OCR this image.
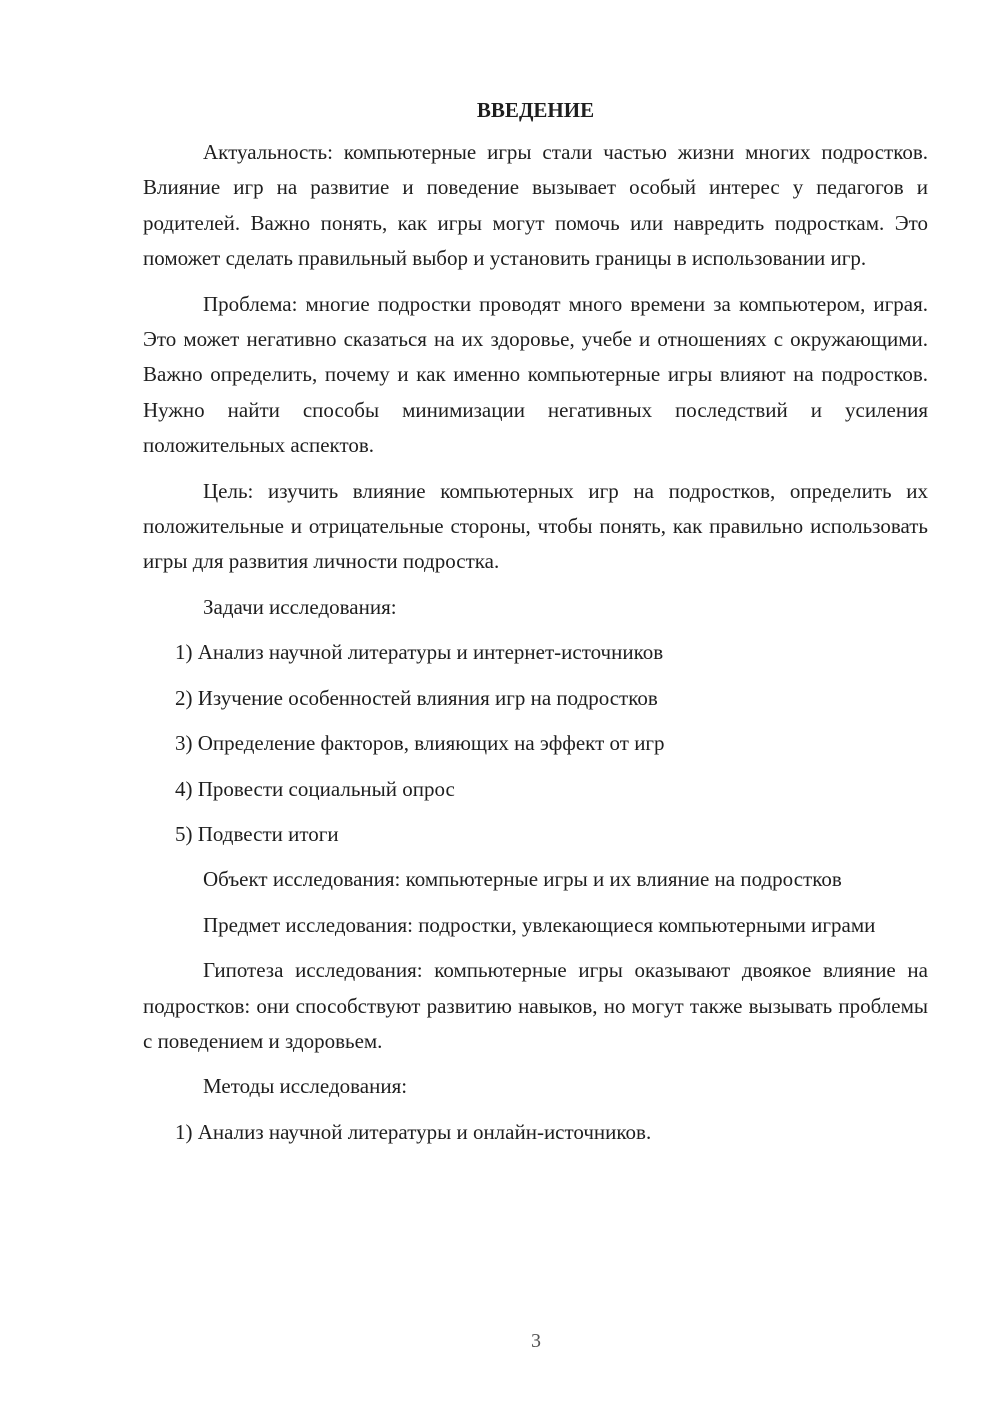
ВВЕДЕНИЕ

Актуальность: компьютерные игры стали частью жизни многих подростков. Влияние игр на развитие и поведение вызывает особый интерес у педагогов и родителей. Важно понять, как игры могут помочь или навредить подросткам. Это поможет сделать правильный выбор и установить границы в использовании игр.

Проблема: многие подростки проводят много времени за компьютером, играя. Это может негативно сказаться на их здоровье, учебе и отношениях с окружающими. Важно определить, почему и как именно компьютерные игры влияют на подростков. Нужно найти способы минимизации негативных последствий и усиления положительных аспектов.

Цель: изучить влияние компьютерных игр на подростков, определить их положительные и отрицательные стороны, чтобы понять, как правильно использовать игры для развития личности подростка.

Задачи исследования:

1) Анализ научной литературы и интернет-источников

2) Изучение особенностей влияния игр на подростков

3) Определение факторов, влияющих на эффект от игр

4) Провести социальный опрос

5) Подвести итоги

Объект исследования: компьютерные игры и их влияние на подростков

Предмет исследования: подростки, увлекающиеся компьютерными играми

Гипотеза исследования: компьютерные игры оказывают двоякое влияние на подростков: они способствуют развитию навыков, но могут также вызывать проблемы с поведением и здоровьем.

Методы исследования:

1) Анализ научной литературы и онлайн-источников.

3
